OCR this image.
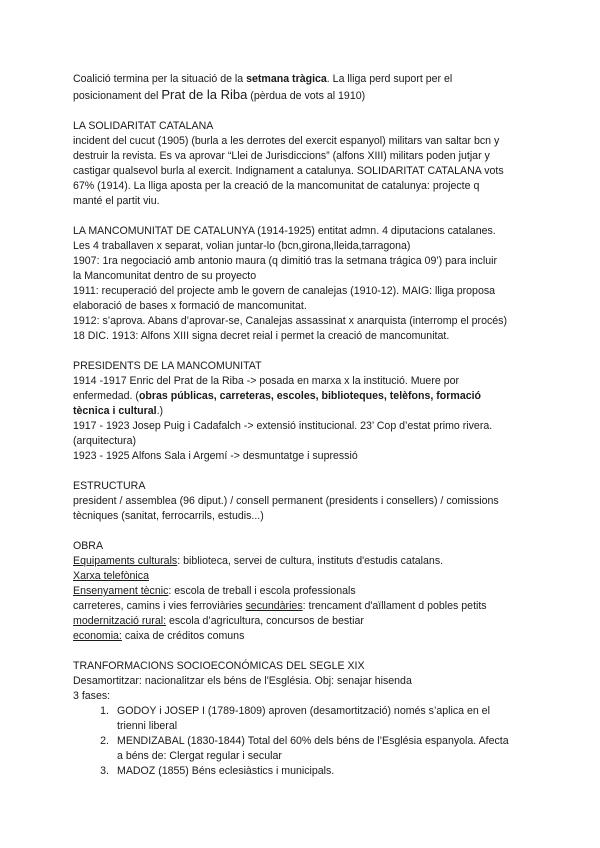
Coalició termina per la situació de la setmana tràgica. La lliga perd suport per el

posicionament del Prat de la Riba (pèrdua de vots al 1910)

LA SOLIDARITAT CATALANA

incident del cucut (1905) (burla a les derrotes del exercit espanyol) militars van saltar bcn y

destruir la revista. Es va aprovar “Llei de Jurisdiccions” (alfons XIII) militars poden jutjar y

castigar qualsevol burla al exercit. Indignament a catalunya. SOLIDARITAT CATALANA vots

67% (1914). La lliga aposta per la creació de la mancomunitat de catalunya: projecte q

manté el partit viu.

LA MANCOMUNITAT DE CATALUNYA (1914-1925) entitat admn. 4 diputacions catalanes.

Les 4 traballaven x separat, volian juntar-lo (bcn,girona,lleida,tarragona)

1907: 1ra negociació amb antonio maura (q dimitió tras la setmana trágica 09’) para incluir

la Mancomunitat dentro de su proyecto

1911: recuperació del projecte amb le govern de canalejas (1910-12). MAIG: lliga proposa

elaboració de bases x formació de mancomunitat.

1912: s’aprova. Abans d’aprovar-se, Canalejas assassinat x anarquista (interromp el procés)

18 DIC. 1913: Alfons XIII signa decret reial i permet la creació de mancomunitat.

PRESIDENTS DE LA MANCOMUNITAT

1914 -1917 Enric del Prat de la Riba -> posada en marxa x la institució. Muere por

enfermedad. (obras públicas, carreteras, escoles, biblioteques, telèfons, formació

tècnica i cultural.)

1917 - 1923 Josep Puig i Cadafalch -> extensió institucional. 23’ Cop d’estat primo rivera.

(arquitectura)

1923 - 1925 Alfons Sala i Argemí -> desmuntatge i supressió

ESTRUCTURA

president / assemblea (96 diput.) / consell permanent (presidents i consellers) / comissions

tècniques (sanitat, ferrocarrils, estudis...)

OBRA

Equipaments culturals: biblioteca, servei de cultura, instituts d'estudis catalans.

Xarxa telefònica

Ensenyament tècnic: escola de treball i escola professionals

carreteres, camins i vies ferroviàries secundàries: trencament d'aïllament d pobles petits

modernització rural: escola d’agricultura, concursos de bestiar

economia: caixa de créditos comuns

TRANFORMACIONS SOCIOECONÓMICAS DEL SEGLE XIX

Desamortitzar: nacionalitzar els béns de l'Església. Obj: senajar hisenda

3 fases:

1. GODOY i JOSEP I (1789-1809) aproven (desamortització) només s’aplica en el

trienni liberal

2. MENDIZABAL (1830-1844) Total del 60% dels béns de l’Església espanyola. Afecta

a béns de: Clergat regular i secular

3. MADOZ (1855) Béns eclesiàstics i municipals.
